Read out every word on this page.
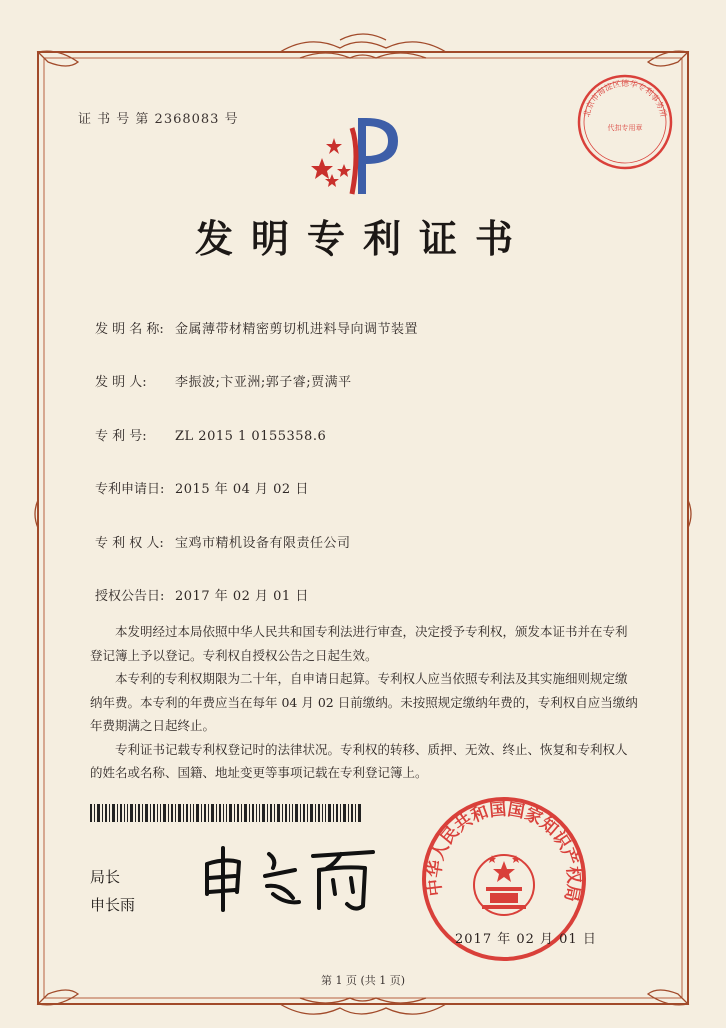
证 书 号 第 2368083 号	北京市海淀区德华专利事务所
代扣专用章
发明专利证书
发 明 名 称: 金属薄带材精密剪切机进料导向调节装置
发 明 人: 李振波;卞亚洲;郭子睿;贾满平
专 利 号: ZL 2015 1 0155358.6
专利申请日: 2015 年 04 月 02 日
专 利 权 人: 宝鸡市精机设备有限责任公司
授权公告日: 2017 年 02 月 01 日

本发明经过本局依照中华人民共和国专利法进行审查，决定授予专利权，颁发本证书并在专利登记簿上予以登记。专利权自授权公告之日起生效。

本专利的专利权期限为二十年，自申请日起算。专利权人应当依照专利法及其实施细则规定缴纳年费。本专利的年费应当在每年 04 月 02 日前缴纳。未按照规定缴纳年费的，专利权自应当缴纳年费期满之日起终止。

专利证书记载专利权登记时的法律状况。专利权的转移、质押、无效、终止、恢复和专利权人的姓名或名称、国籍、地址变更等事项记载在专利登记簿上。

局长
申长雨
中华人民共和国国家知识产权局
2017 年 02 月 01 日
第 1 页 (共 1 页)
